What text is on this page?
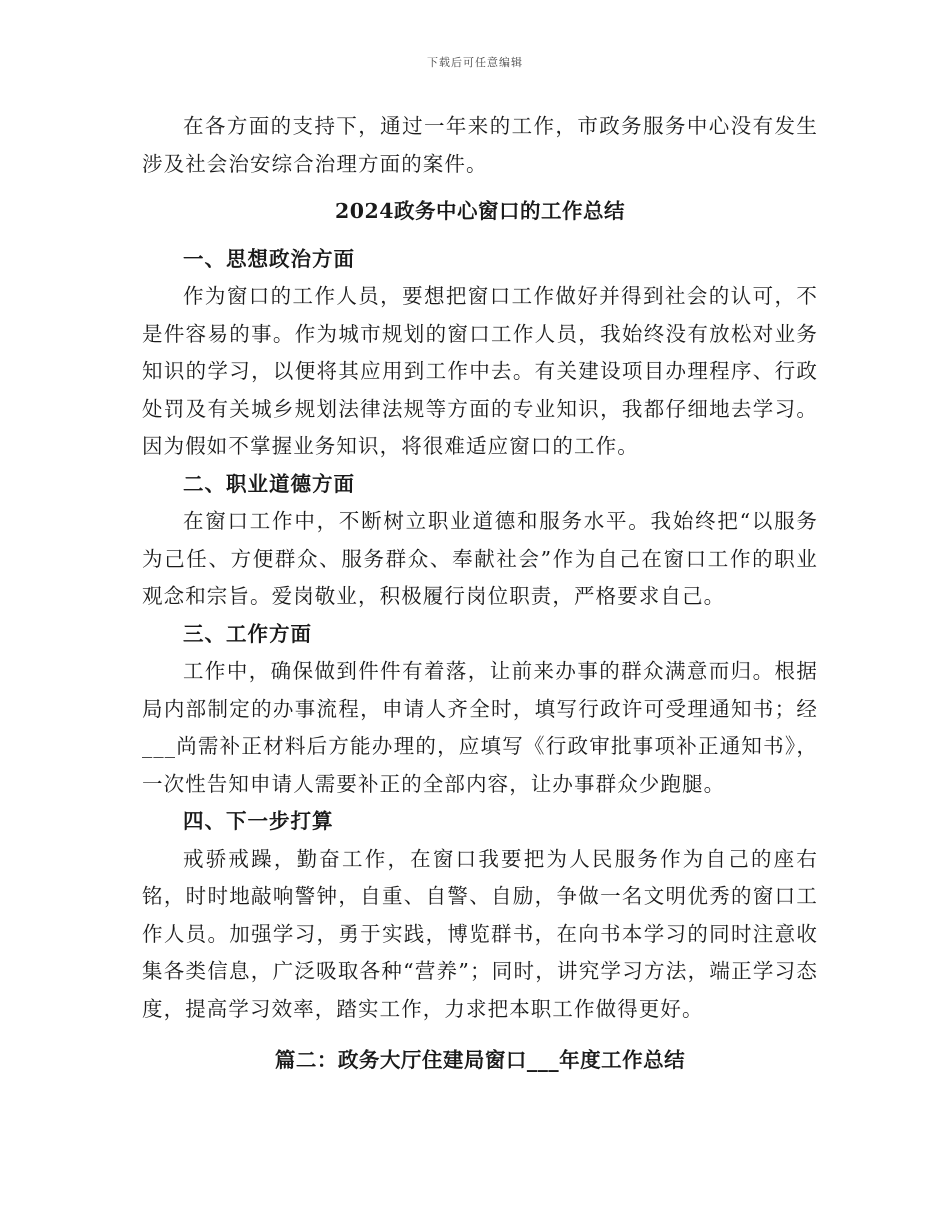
下载后可任意编辑

在各方面的支持下，通过一年来的工作，市政务服务中心没有发生涉及社会治安综合治理方面的案件。

2024政务中心窗口的工作总结
一、思想政治方面

作为窗口的工作人员，要想把窗口工作做好并得到社会的认可，不是件容易的事。作为城市规划的窗口工作人员，我始终没有放松对业务知识的学习，以便将其应用到工作中去。有关建设项目办理程序、行政处罚及有关城乡规划法律法规等方面的专业知识，我都仔细地去学习。因为假如不掌握业务知识，将很难适应窗口的工作。

二、职业道德方面

在窗口工作中，不断树立职业道德和服务水平。我始终把“以服务为己任、方便群众、服务群众、奉献社会”作为自己在窗口工作的职业观念和宗旨。爱岗敬业，积极履行岗位职责，严格要求自己。

三、工作方面

工作中，确保做到件件有着落，让前来办事的群众满意而归。根据局内部制定的办事流程，申请人齐全时，填写行政许可受理通知书；经___尚需补正材料后方能办理的，应填写《行政审批事项补正通知书》，一次性告知申请人需要补正的全部内容，让办事群众少跑腿。

四、下一步打算

戒骄戒躁，勤奋工作，在窗口我要把为人民服务作为自己的座右铭，时时地敲响警钟，自重、自警、自励，争做一名文明优秀的窗口工作人员。加强学习，勇于实践，博览群书，在向书本学习的同时注意收集各类信息，广泛吸取各种“营养”；同时，讲究学习方法，端正学习态度，提高学习效率，踏实工作，力求把本职工作做得更好。

篇二：政务大厅住建局窗口___年度工作总结
